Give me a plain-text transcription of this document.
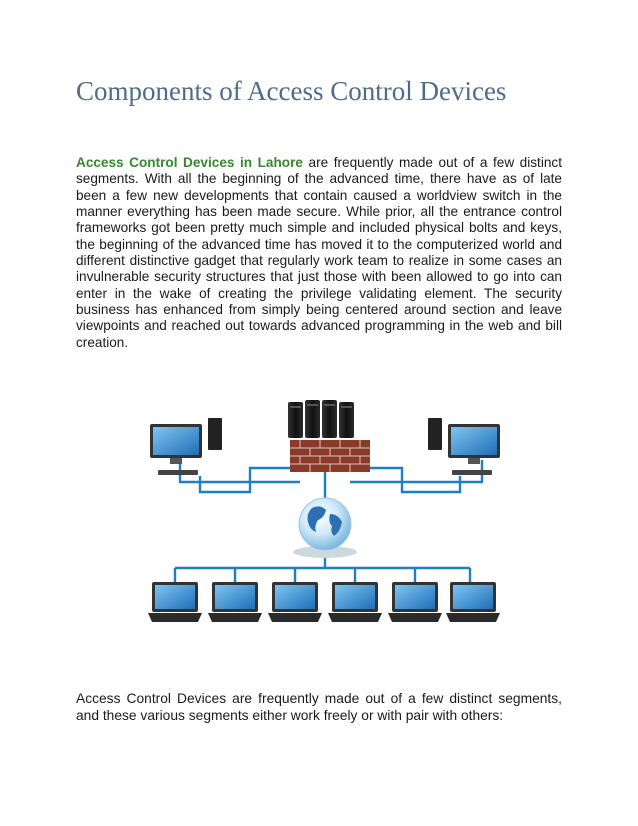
Components of Access Control Devices

Access Control Devices in Lahore are frequently made out of a few distinct segments. With all the beginning of the advanced time, there have as of late been a few new developments that contain caused a worldview switch in the manner everything has been made secure. While prior, all the entrance control frameworks got been pretty much simple and included physical bolts and keys, the beginning of the advanced time has moved it to the computerized world and different distinctive gadget that regularly work team to realize in some cases an invulnerable security structures that just those with been allowed to go into can enter in the wake of creating the privilege validating element. The security business has enhanced from simply being centered around section and leave viewpoints and reached out towards advanced programming in the web and bill creation.

Access Control Devices are frequently made out of a few distinct segments, and these various segments either work freely or with pair with others:
